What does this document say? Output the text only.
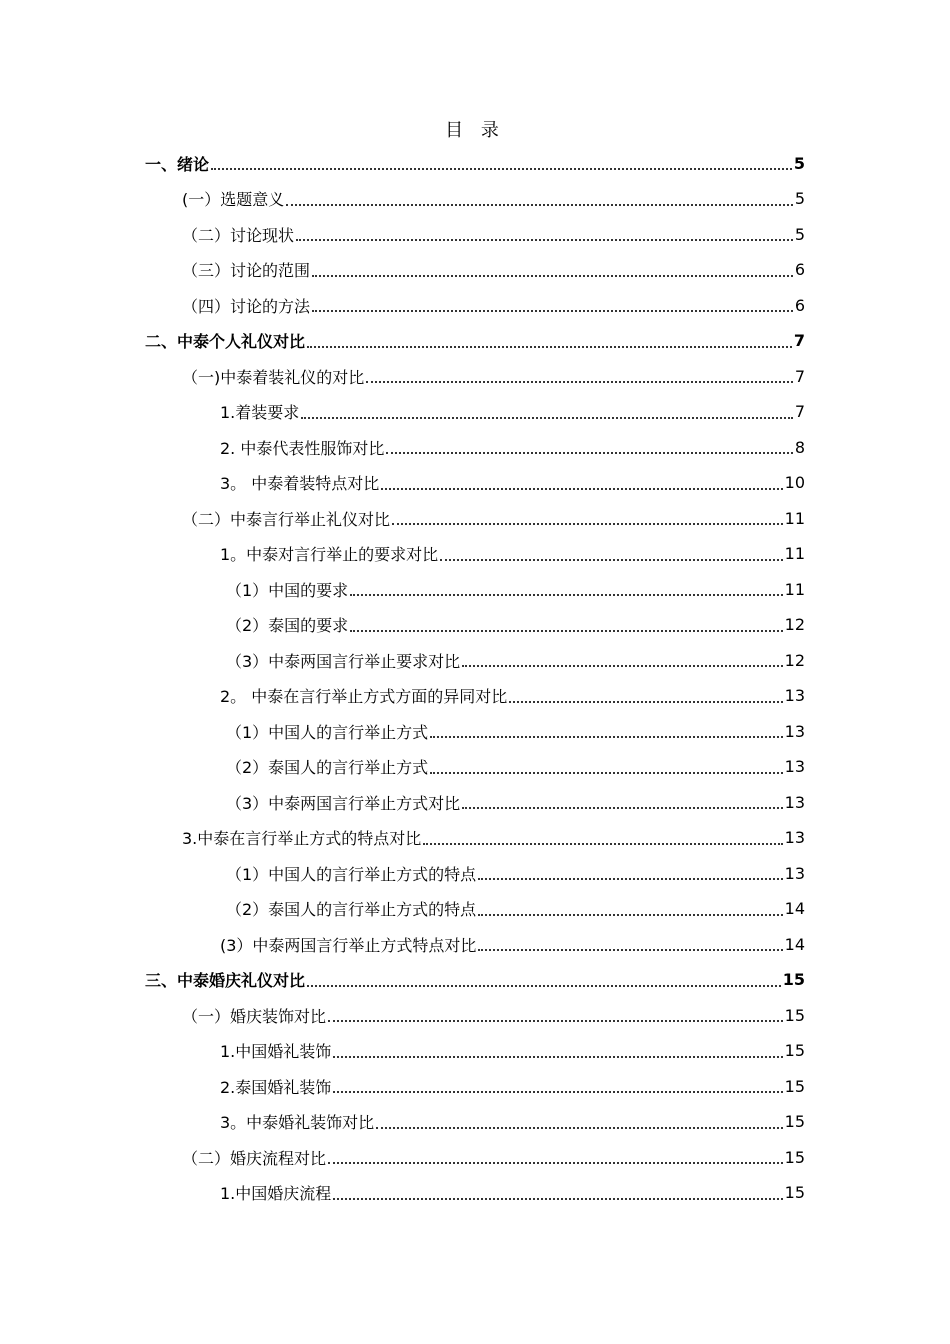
目 录
一、绪论	5
(一）选题意义	5
（二）讨论现状	5
（三）讨论的范围	6
（四）讨论的方法	6
二、中泰个人礼仪对比	7
（一)中泰着装礼仪的对比	7
1.着装要求	7
2. 中泰代表性服饰对比	8
3。 中泰着装特点对比	10
（二）中泰言行举止礼仪对比	11
1。中泰对言行举止的要求对比	11
（1）中国的要求	11
（2）泰国的要求	12
（3）中泰两国言行举止要求对比	12
2。 中泰在言行举止方式方面的异同对比	13
（1）中国人的言行举止方式	13
（2）泰国人的言行举止方式	13
（3）中泰两国言行举止方式对比	13
3.中泰在言行举止方式的特点对比	13
（1）中国人的言行举止方式的特点	13
（2）泰国人的言行举止方式的特点	14
(3）中泰两国言行举止方式特点对比	14
三、中泰婚庆礼仪对比	15
（一）婚庆装饰对比	15
1.中国婚礼装饰	15
2.泰国婚礼装饰	15
3。中泰婚礼装饰对比	15
（二）婚庆流程对比	15
1.中国婚庆流程	15
